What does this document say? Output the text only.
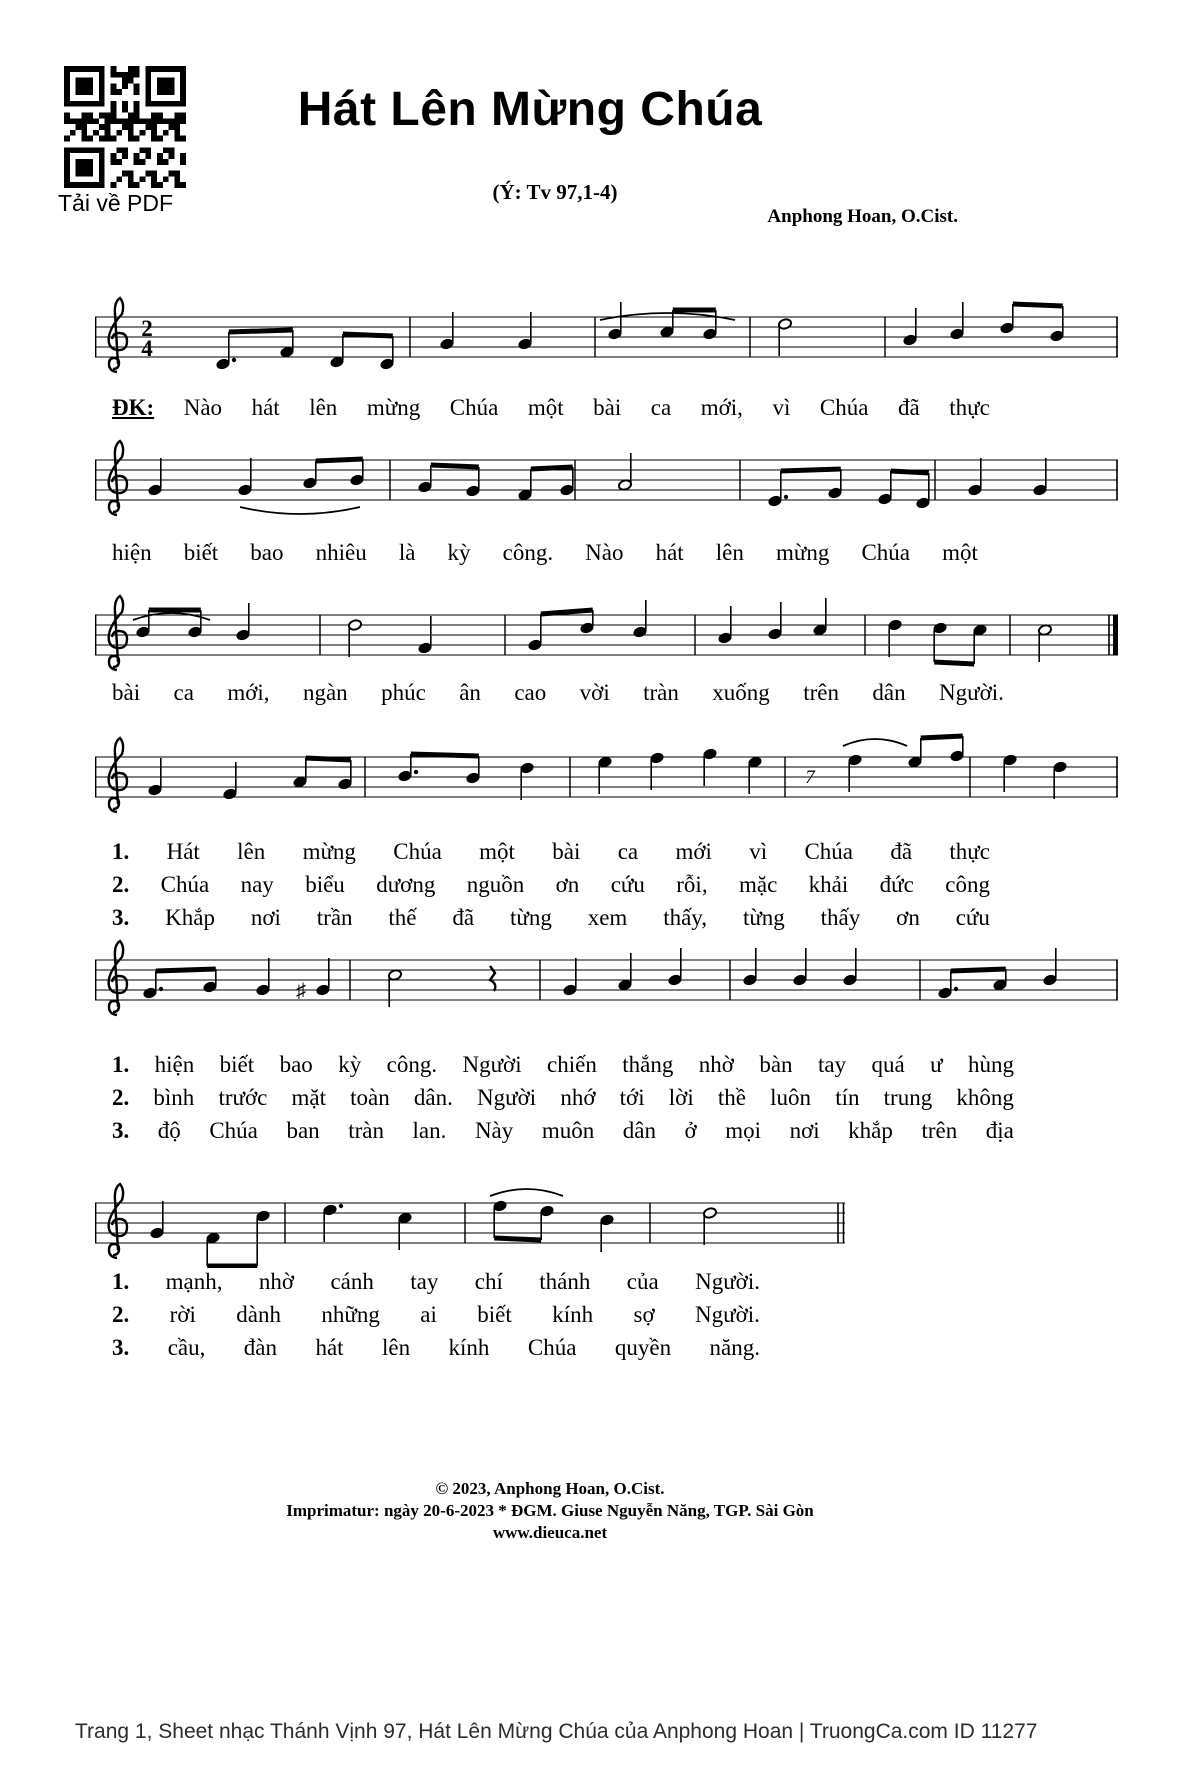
Tải về PDF
Hát Lên Mừng Chúa
(Ý: Tv 97,1-4)
Anphong Hoan, O.Cist.
2
4
ĐK: Nào hát lên mừng Chúa một bài ca mới, vì Chúa đã thực
hiện biết bao nhiêu là kỳ công. Nào hát lên mừng Chúa một
bài ca mới, ngàn phúc ân cao vời tràn xuống trên dân Người.
7
1. Hát lên mừng Chúa một bài ca mới vì Chúa đã thực
2. Chúa nay biểu dương nguồn ơn cứu rỗi, mặc khải đức công
3. Khắp nơi trần thế đã từng xem thấy, từng thấy ơn cứu
♯
1. hiện biết bao kỳ công. Người chiến thắng nhờ bàn tay quá ư hùng
2. bình trước mặt toàn dân. Người nhớ tới lời thề luôn tín trung không
3. độ Chúa ban tràn lan. Này muôn dân ở mọi nơi khắp trên địa
1. mạnh, nhờ cánh tay chí thánh của Người.
2. rời dành những ai biết kính sợ Người.
3. cầu, đàn hát lên kính Chúa quyền năng.
© 2023, Anphong Hoan, O.Cist.
Imprimatur: ngày 20-6-2023 * ĐGM. Giuse Nguyễn Năng, TGP. Sài Gòn
www.dieuca.net
Trang 1, Sheet nhạc Thánh Vịnh 97, Hát Lên Mừng Chúa của Anphong Hoan | TruongCa.com ID 11277
